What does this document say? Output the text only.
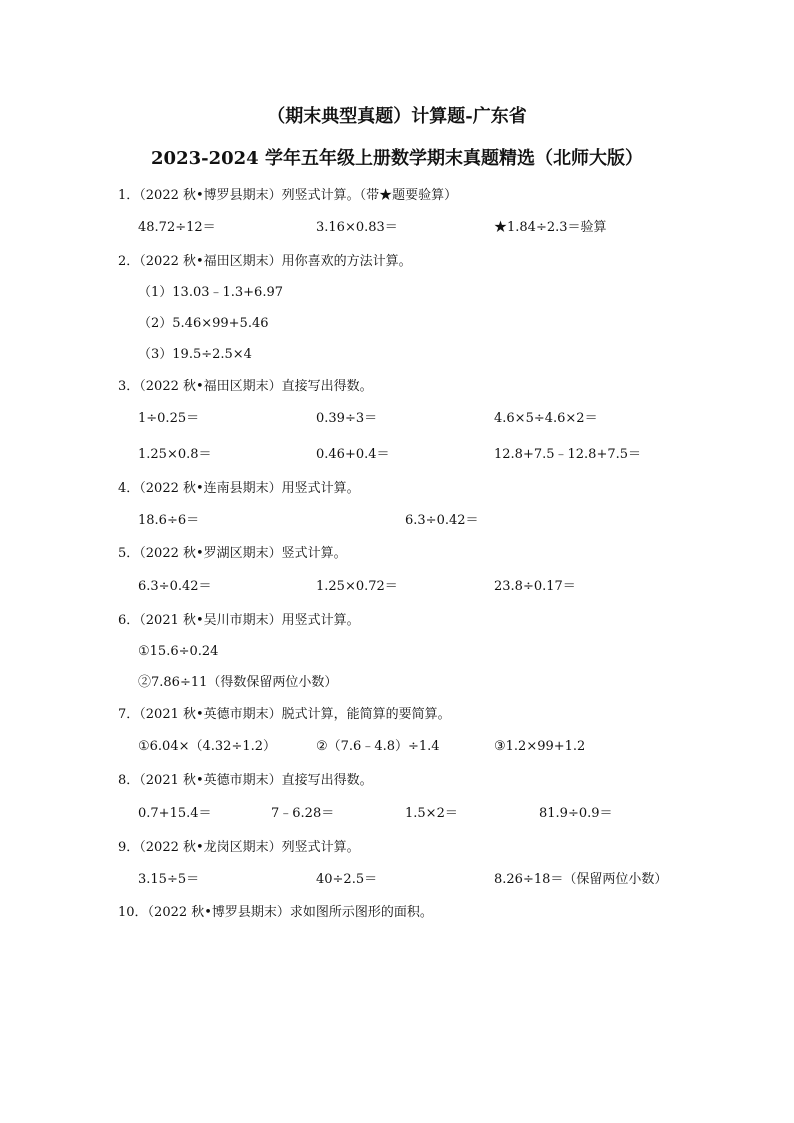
（期末典型真题）计算题-广东省
2023-2024 学年五年级上册数学期末真题精选（北师大版）
1．（2022 秋•博罗县期末）列竖式计算。（带★题要验算）
48.72÷12＝	3.16×0.83＝	★1.84÷2.3＝验算
2．（2022 秋•福田区期末）用你喜欢的方法计算。
（1）13.03﹣1.3+6.97
（2）5.46×99+5.46
（3）19.5÷2.5×4
3．（2022 秋•福田区期末）直接写出得数。
1÷0.25＝	0.39÷3＝	4.6×5÷4.6×2＝
1.25×0.8＝	0.46+0.4＝	12.8+7.5﹣12.8+7.5＝
4．（2022 秋•连南县期末）用竖式计算。
18.6÷6＝	6.3÷0.42＝
5．（2022 秋•罗湖区期末）竖式计算。
6.3÷0.42＝	1.25×0.72＝	23.8÷0.17＝
6．（2021 秋•吴川市期末）用竖式计算。
①15.6÷0.24
②7.86÷11（得数保留两位小数）
7．（2021 秋•英德市期末）脱式计算，能简算的要简算。
①6.04×（4.32÷1.2）	②（7.6﹣4.8）÷1.4	③1.2×99+1.2
8．（2021 秋•英德市期末）直接写出得数。
0.7+15.4＝	7﹣6.28＝	1.5×2＝	81.9÷0.9＝
9．（2022 秋•龙岗区期末）列竖式计算。
3.15÷5＝	40÷2.5＝	8.26÷18＝（保留两位小数）
10．（2022 秋•博罗县期末）求如图所示图形的面积。
